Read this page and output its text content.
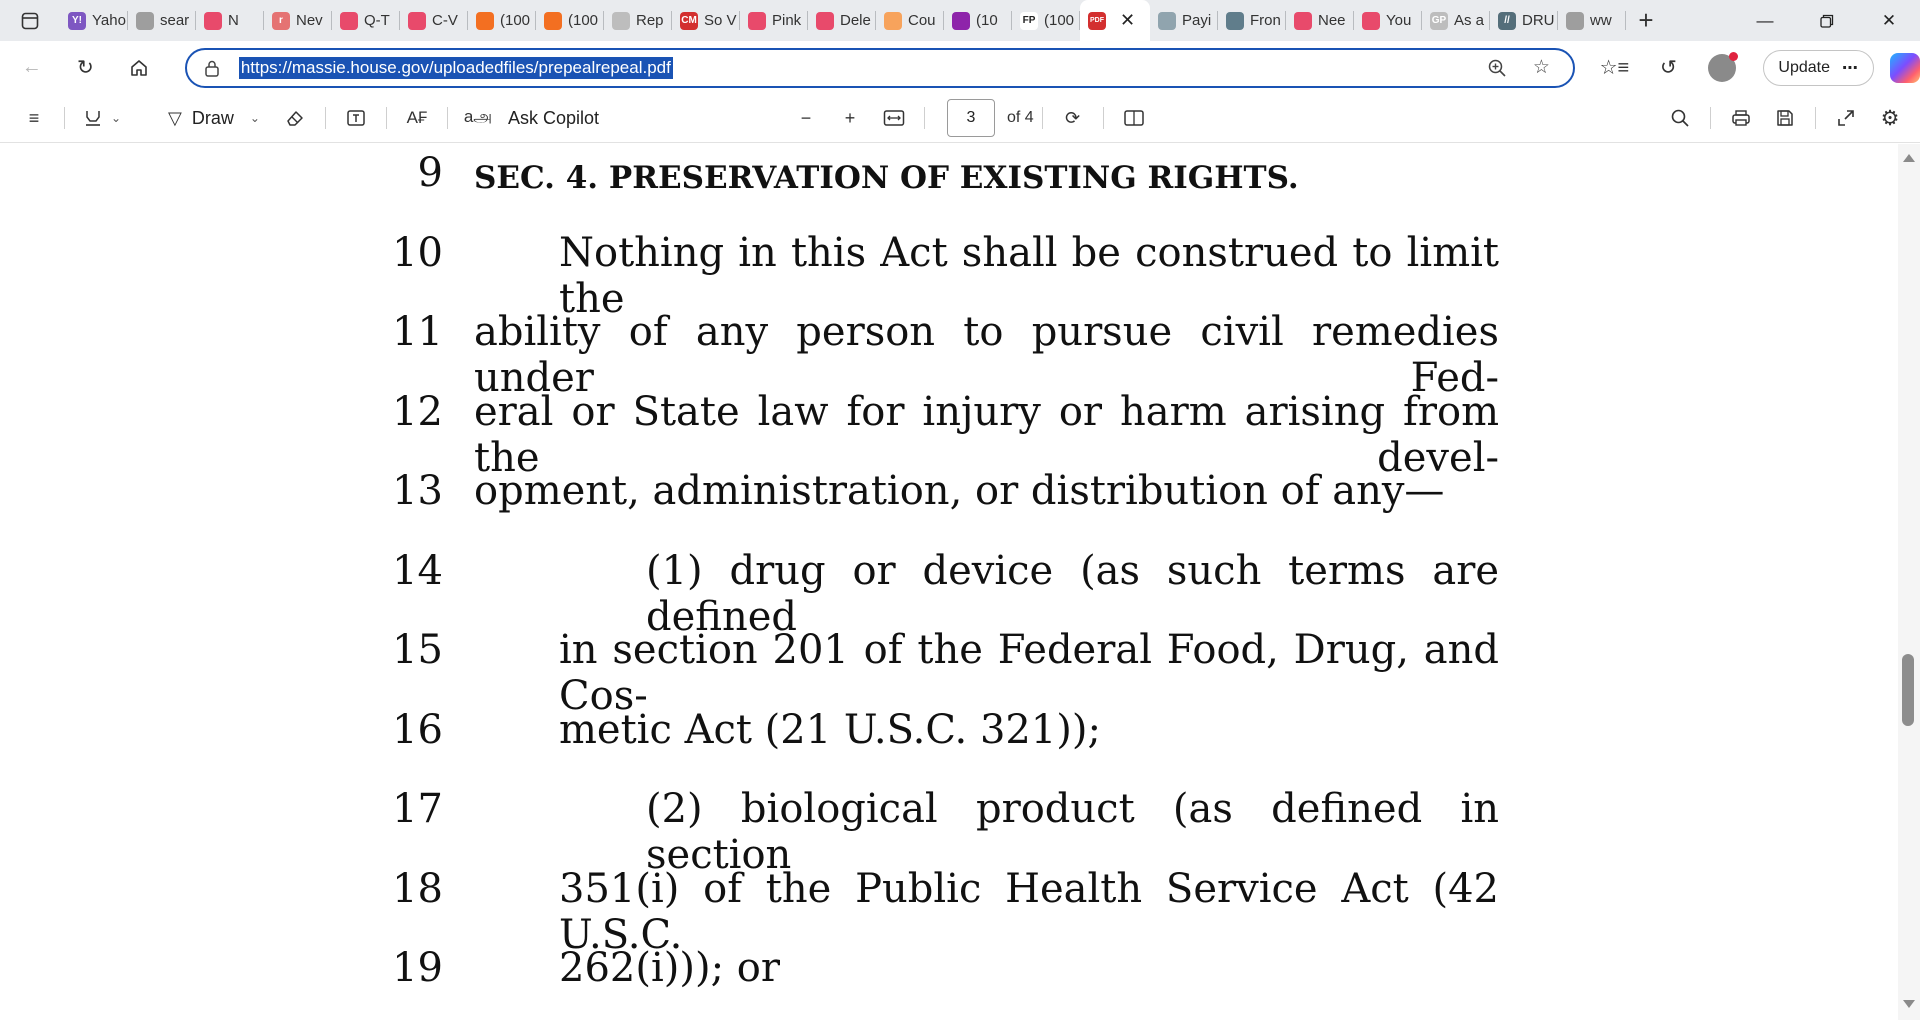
Y! Yaho sear	N	r Nev	Q-T	C-V	(100	(100	Rep CM So V Pink	Dele Cou	(10 FP (100 PDF ✕	Payi	Fron Nee	You GP As a	// DRU ww +	—	✕
← ↻	https://massie.house.gov/uploadedfiles/prepealrepeal.pdf	☆ ☆≡ ↺	Update ⋯
≡	⌄	▽ Draw ⌄	A₣ aஅ Ask Copilot	− +	3 of 4 ⟳	⚙
9 SEC. 4. PRESERVATION OF EXISTING RIGHTS.
10	Nothing in this Act shall be construed to limit the
11 ability of any person to pursue civil remedies under Fed-
12 eral or State law for injury or harm arising from the devel-
13 opment, administration, or distribution of any—
14	(1) drug or device (as such terms are defined
15	in section 201 of the Federal Food, Drug, and Cos-
16	metic Act (21 U.S.C. 321));
17	(2) biological product (as defined in section
18	351(i) of the Public Health Service Act (42 U.S.C.
19	262(i))); or
